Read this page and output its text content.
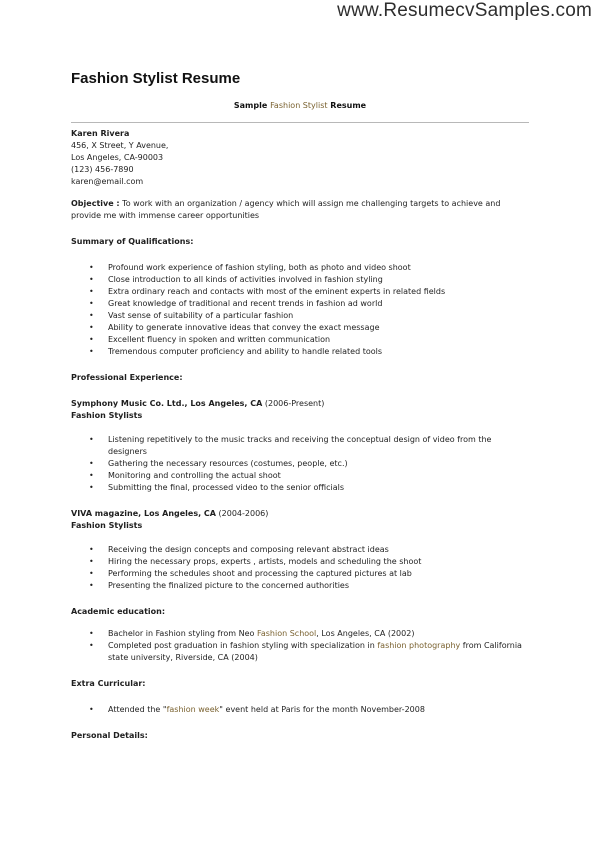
www.ResumecvSamples.com
Fashion Stylist Resume
Sample Fashion Stylist Resume

Karen Rivera

456, X Street, Y Avenue,

Los Angeles, CA-90003

(123) 456-7890

karen@email.com

Objective : To work with an organization / agency which will assign me challenging targets to achieve and provide me with immense career opportunities

Summary of Qualifications:

• Profound work experience of fashion styling, both as photo and video shoot
• Close introduction to all kinds of activities involved in fashion styling
• Extra ordinary reach and contacts with most of the eminent experts in related fields
• Great knowledge of traditional and recent trends in fashion ad world
• Vast sense of suitability of a particular fashion
• Ability to generate innovative ideas that convey the exact message
• Excellent fluency in spoken and written communication
• Tremendous computer proficiency and ability to handle related tools

Professional Experience:

Symphony Music Co. Ltd., Los Angeles, CA (2006-Present)

Fashion Stylists

• Listening repetitively to the music tracks and receiving the conceptual design of video from the designers
• Gathering the necessary resources (costumes, people, etc.)
• Monitoring and controlling the actual shoot
• Submitting the final, processed video to the senior officials

VIVA magazine, Los Angeles, CA (2004-2006)

Fashion Stylists

• Receiving the design concepts and composing relevant abstract ideas
• Hiring the necessary props, experts , artists, models and scheduling the shoot
• Performing the schedules shoot and processing the captured pictures at lab
• Presenting the finalized picture to the concerned authorities

Academic education:

• Bachelor in Fashion styling from Neo Fashion School, Los Angeles, CA (2002)
• Completed post graduation in fashion styling with specialization in fashion photography from California state university, Riverside, CA (2004)

Extra Curricular:

• Attended the "fashion week" event held at Paris for the month November-2008

Personal Details:
